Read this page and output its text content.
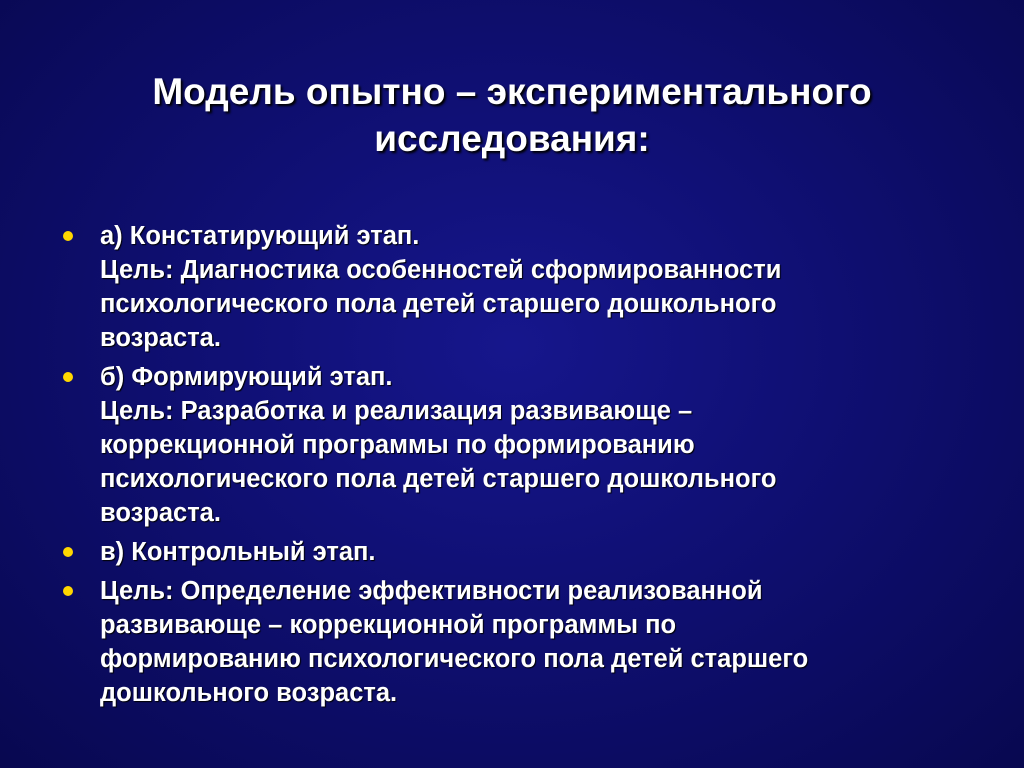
Модель опытно – экспериментального
исследования:
а) Констатирующий этап.
Цель: Диагностика особенностей сформированности
психологического пола детей старшего дошкольного
возраста.
б) Формирующий этап.
Цель: Разработка и реализация развивающе –
коррекционной программы по формированию
психологического пола детей старшего дошкольного
возраста.
в) Контрольный этап.
Цель: Определение эффективности реализованной
развивающе – коррекционной программы по
формированию психологического пола детей старшего
дошкольного возраста.
